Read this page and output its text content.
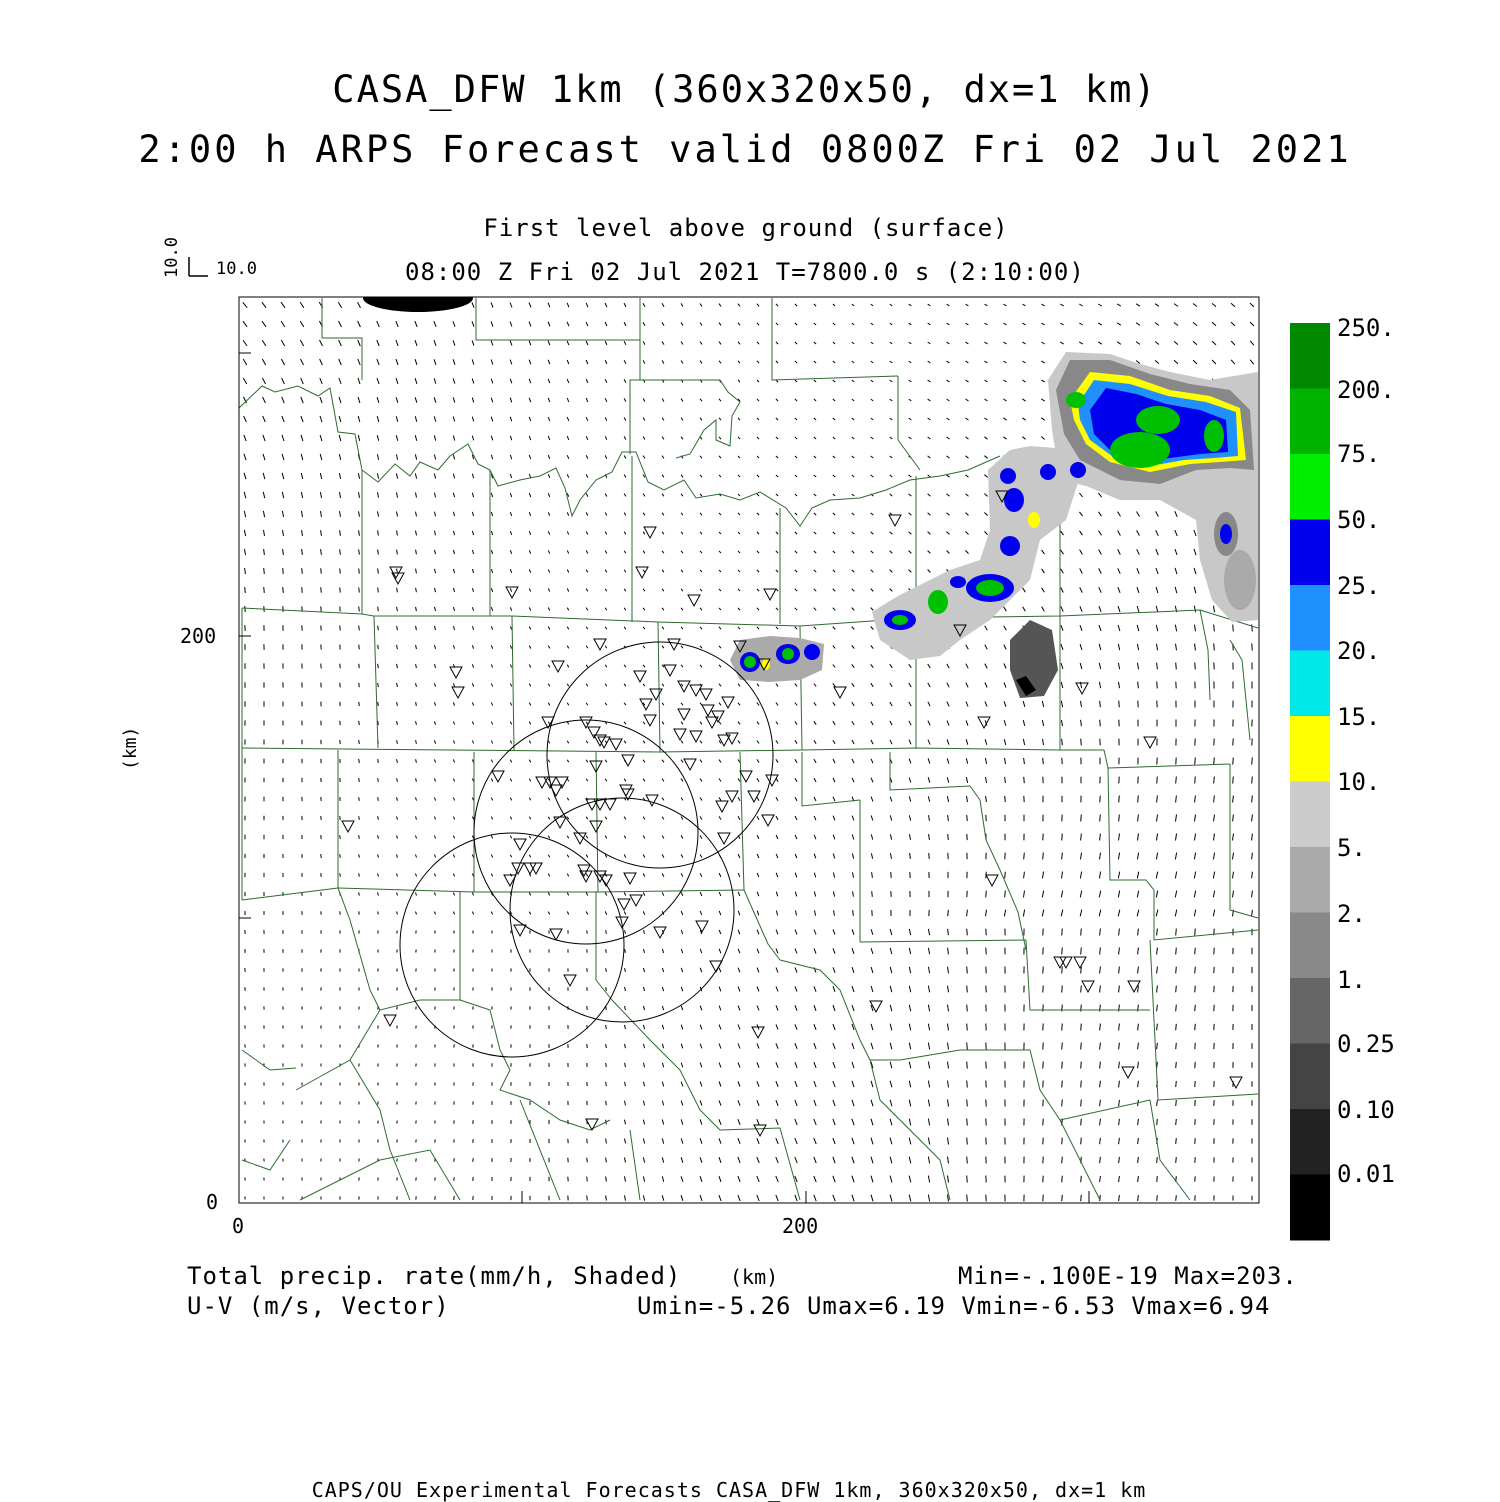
CASA_DFW 1km (360x320x50, dx=1 km)
2:00 h ARPS Forecast valid 0800Z Fri 02 Jul 2021
First level above ground (surface)
08:00 Z Fri 02 Jul 2021 T=7800.0 s (2:10:00)
10.0
10.0
(km)
(km)
0	200
0
200
Total precip. rate(mm/h, Shaded)
U-V (m/s, Vector)
Min=-.100E-19 Max=203.
Umin=-5.26 Umax=6.19 Vmin=-6.53 Vmax=6.94
250.
200.
75.
50.
25.
20.
15.
10.
5.
2.
1.
0.25
0.10
0.01
CAPS/OU Experimental Forecasts CASA_DFW 1km, 360x320x50, dx=1 km
